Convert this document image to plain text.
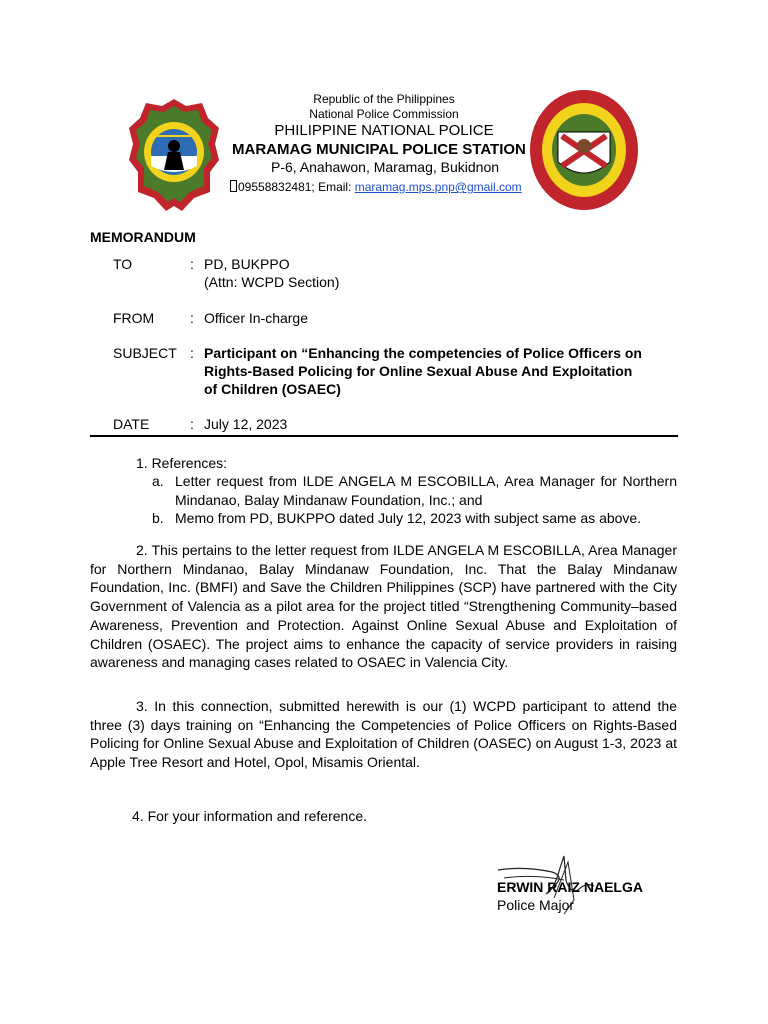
Republic of the Philippines
National Police Commission
PHILIPPINE NATIONAL POLICE
MARAMAG MUNICIPAL POLICE STATION
P-6, Anahawon, Maramag, Bukidnon
09558832481; Email: maramag.mps.pnp@gmail.com
MEMORANDUM
TO	: PD, BUKPPO
(Attn: WCPD Section)
FROM	: Officer In-charge
SUBJECT : Participant on “Enhancing the competencies of Police Officers on Rights-Based Policing for Online Sexual Abuse And Exploitation of Children (OSAEC)
DATE	: July 12, 2023
1. References:
a. Letter request from ILDE ANGELA M ESCOBILLA, Area Manager for Northern Mindanao, Balay Mindanaw Foundation, Inc.; and
b. Memo from PD, BUKPPO dated July 12, 2023 with subject same as above.
2. This pertains to the letter request from ILDE ANGELA M ESCOBILLA, Area Manager for Northern Mindanao, Balay Mindanaw Foundation, Inc. That the Balay Mindanaw Foundation, Inc. (BMFI) and Save the Children Philippines (SCP) have partnered with the City Government of Valencia as a pilot area for the project titled “Strengthening Community–based Awareness, Prevention and Protection. Against Online Sexual Abuse and Exploitation of Children (OSAEC). The project aims to enhance the capacity of service providers in raising awareness and managing cases related to OSAEC in Valencia City.
3. In this connection, submitted herewith is our (1) WCPD participant to attend the three (3) days training on “Enhancing the Competencies of Police Officers on Rights-Based Policing for Online Sexual Abuse and Exploitation of Children (OASEC) on August 1-3, 2023 at Apple Tree Resort and Hotel, Opol, Misamis Oriental.
4. For your information and reference.
ERWIN RAIZ NAELGA
Police Major
